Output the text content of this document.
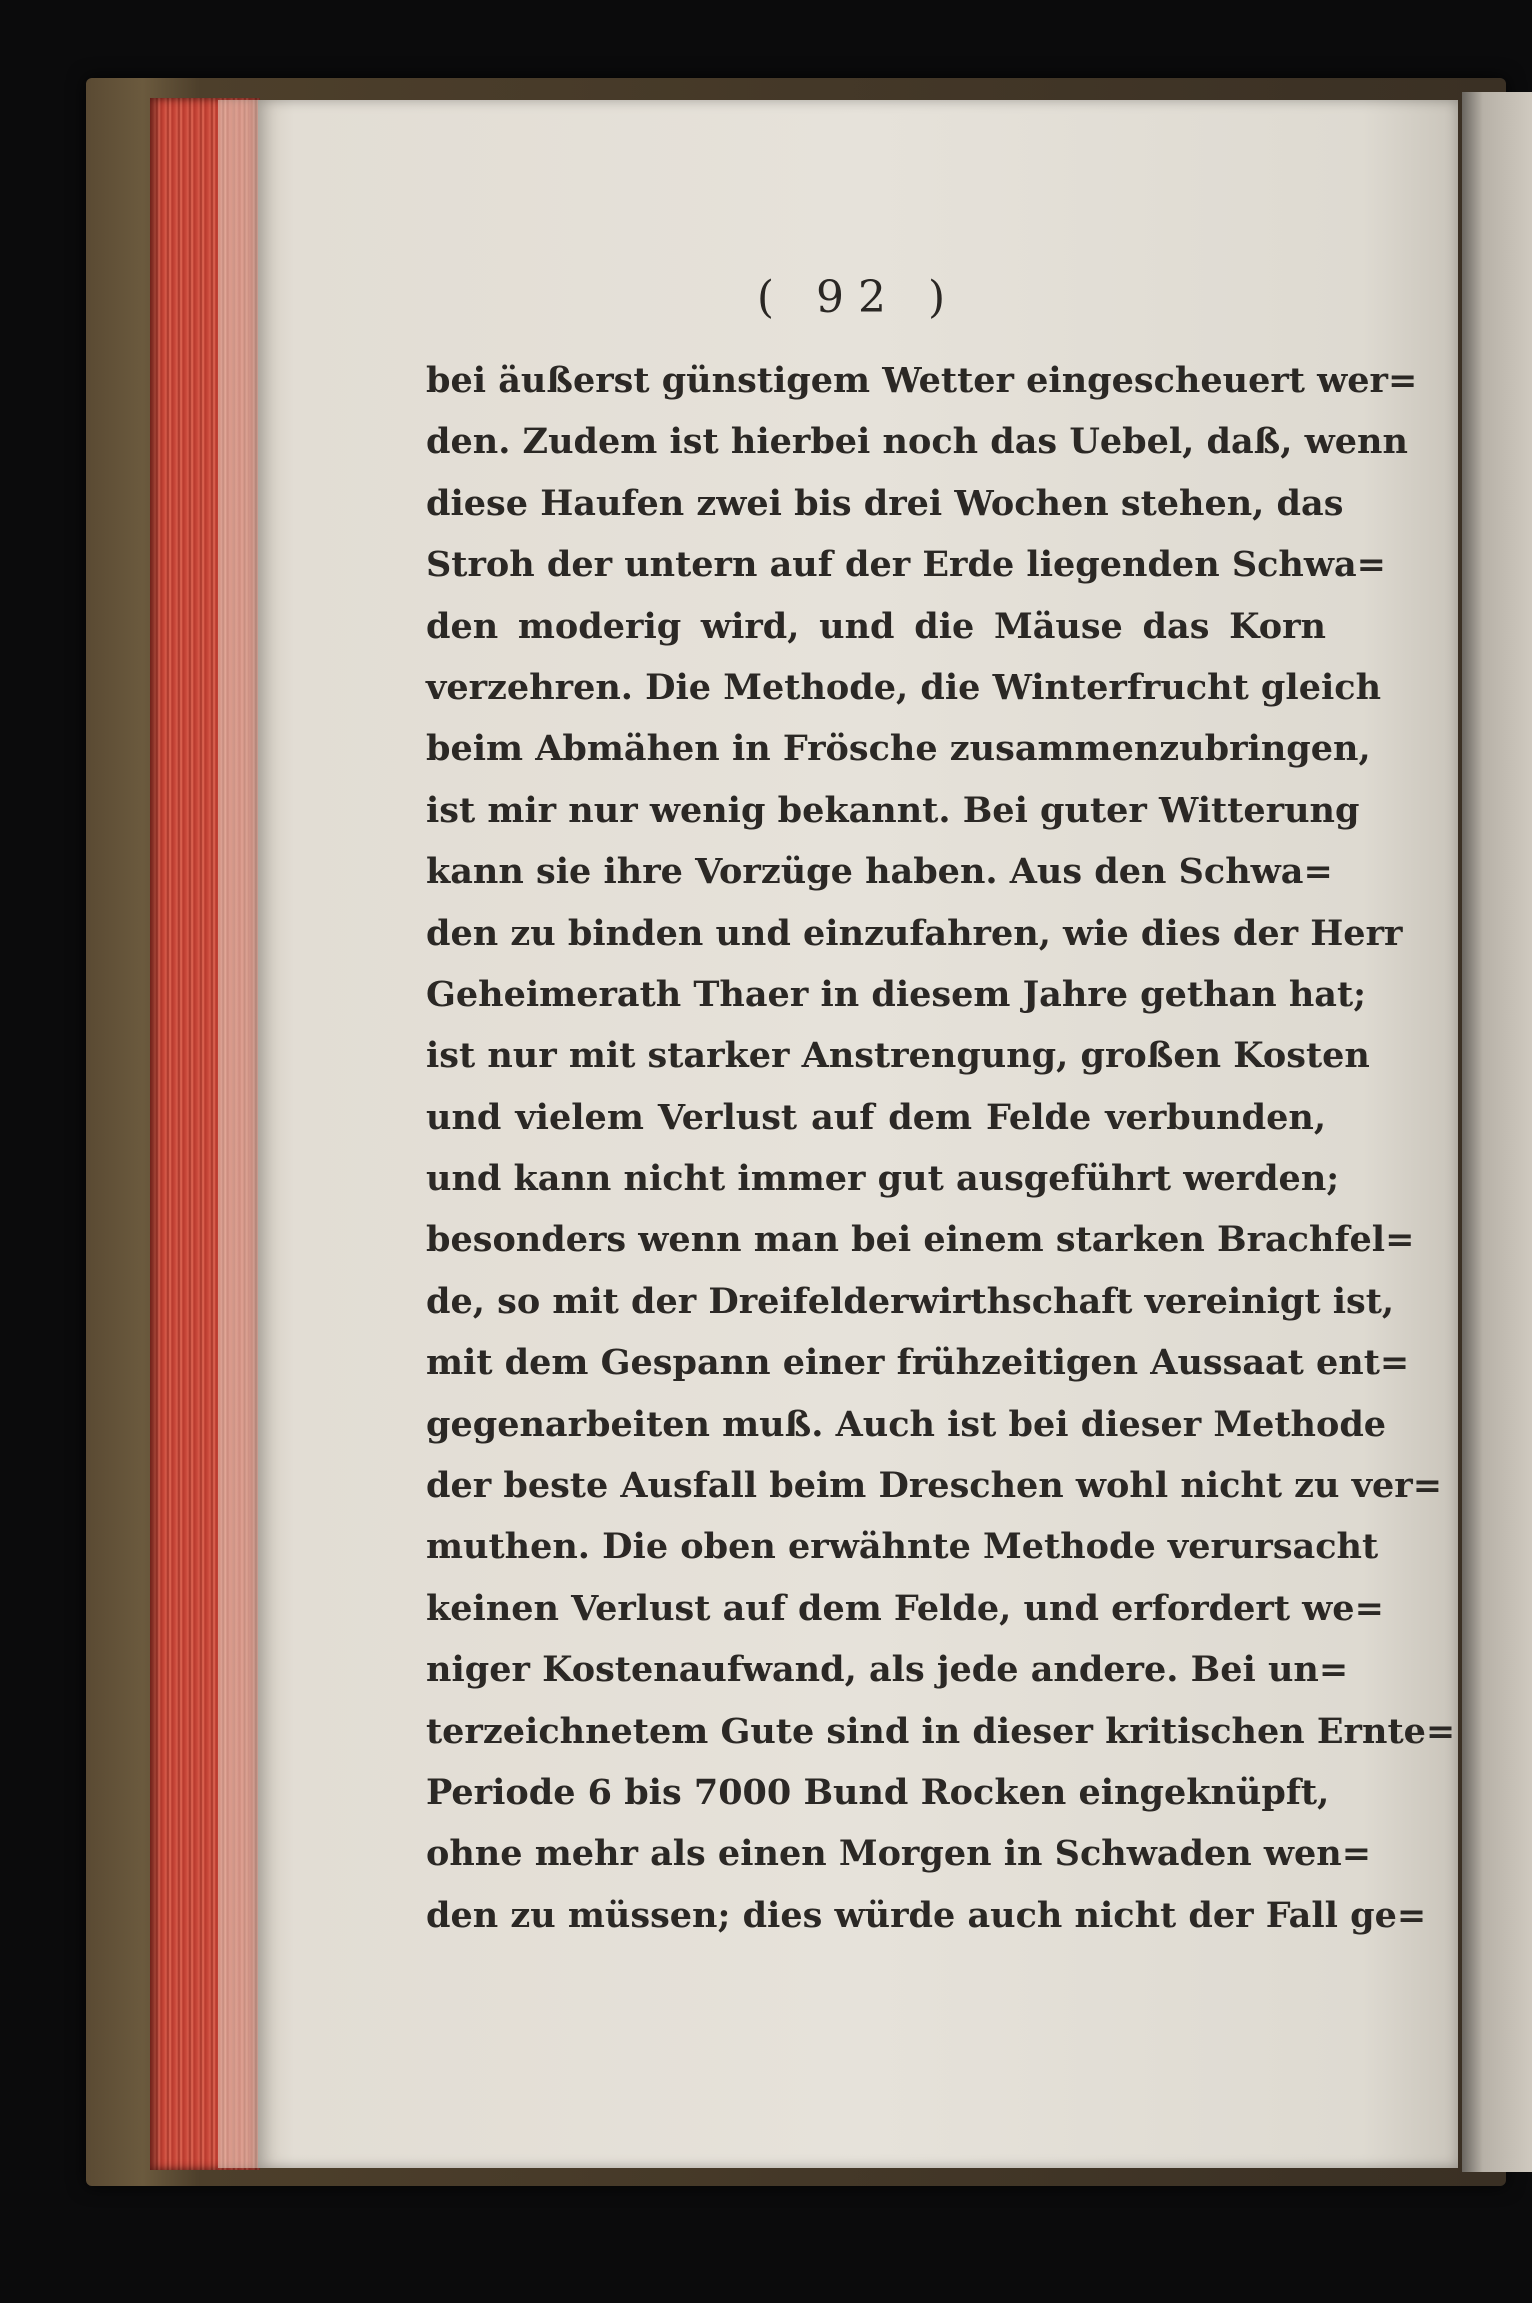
( 92 )
bei äußerst günstigem Wetter eingescheuert wer=
den. Zudem ist hierbei noch das Uebel, daß, wenn
diese Haufen zwei bis drei Wochen stehen, das
Stroh der untern auf der Erde liegenden Schwa=
den moderig wird, und die Mäuse das Korn
verzehren. Die Methode, die Winterfrucht gleich
beim Abmähen in Frösche zusammenzubringen,
ist mir nur wenig bekannt. Bei guter Witterung
kann sie ihre Vorzüge haben. Aus den Schwa=
den zu binden und einzufahren, wie dies der Herr
Geheimerath Thaer in diesem Jahre gethan hat;
ist nur mit starker Anstrengung, großen Kosten
und vielem Verlust auf dem Felde verbunden,
und kann nicht immer gut ausgeführt werden;
besonders wenn man bei einem starken Brachfel=
de, so mit der Dreifelderwirthschaft vereinigt ist,
mit dem Gespann einer frühzeitigen Aussaat ent=
gegenarbeiten muß. Auch ist bei dieser Methode
der beste Ausfall beim Dreschen wohl nicht zu ver=
muthen. Die oben erwähnte Methode verursacht
keinen Verlust auf dem Felde, und erfordert we=
niger Kostenaufwand, als jede andere. Bei un=
terzeichnetem Gute sind in dieser kritischen Ernte=
Periode 6 bis 7000 Bund Rocken eingeknüpft,
ohne mehr als einen Morgen in Schwaden wen=
den zu müssen; dies würde auch nicht der Fall ge=
